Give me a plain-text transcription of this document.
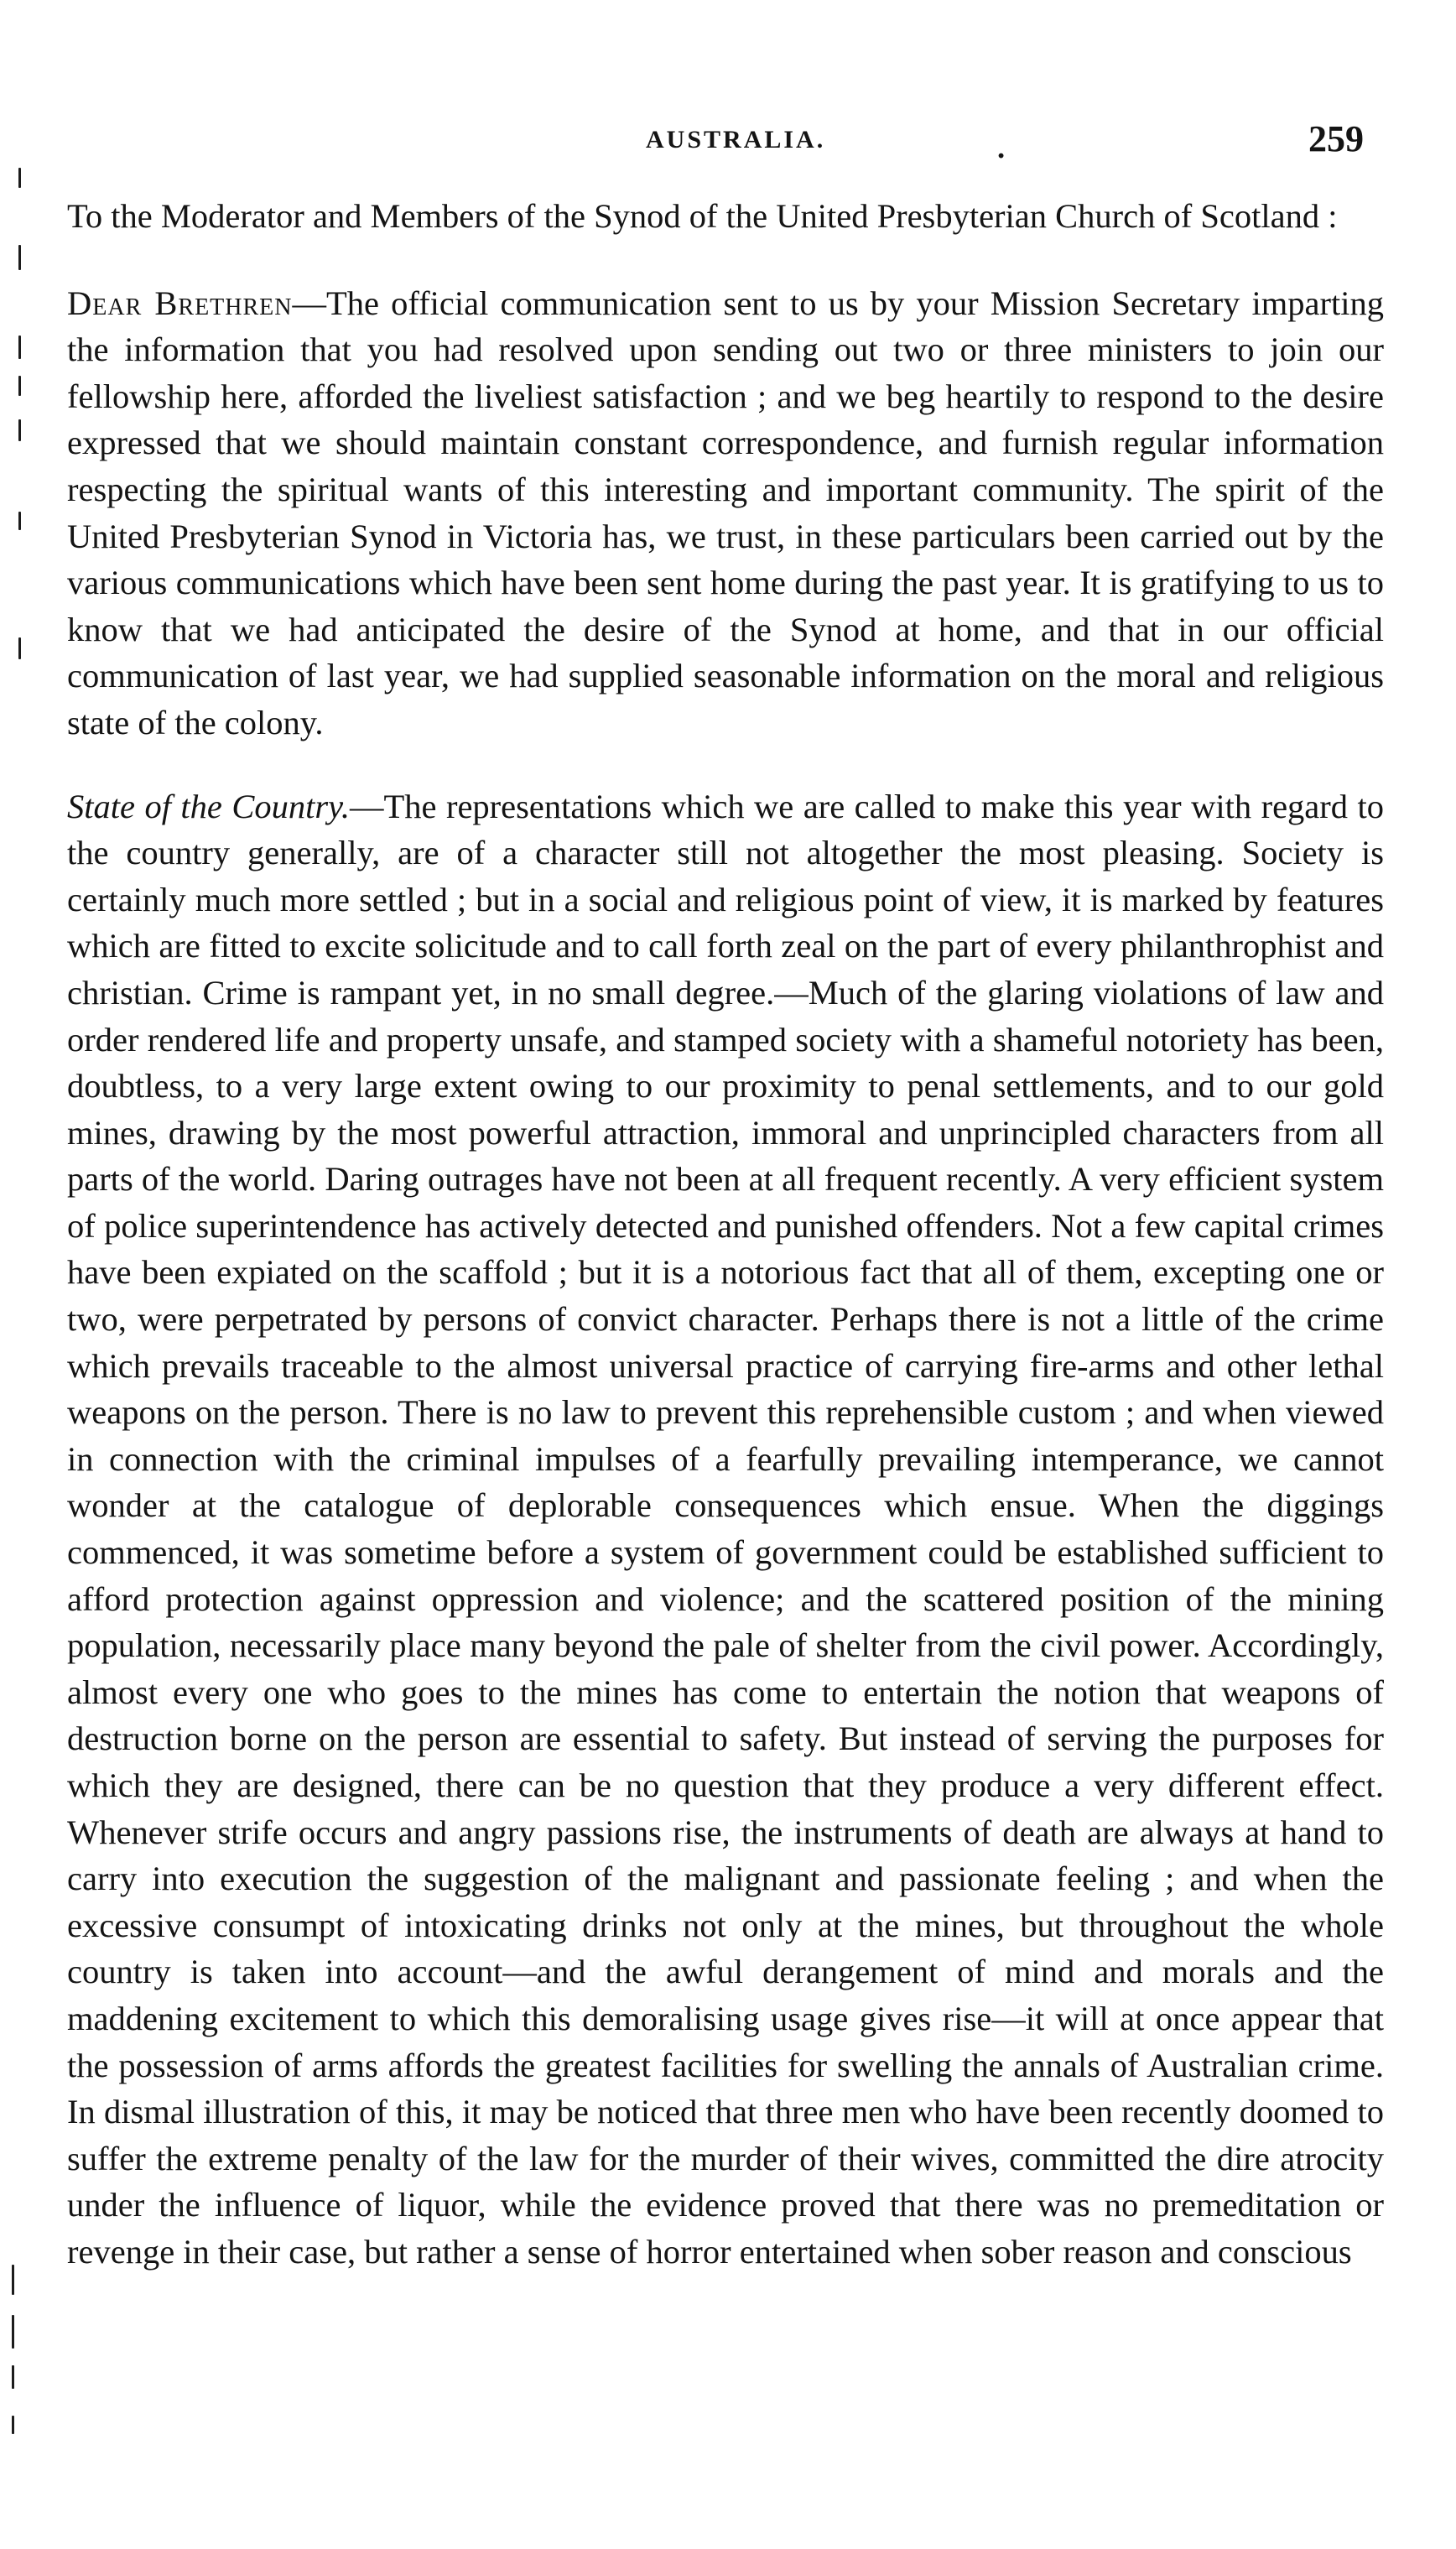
AUSTRALIA.	.	259

To the Moderator and Members of the Synod of the United Presbyterian Church of Scotland :

Dear Brethren—The official communication sent to us by your Mission Secretary imparting the information that you had resolved upon sending out two or three ministers to join our fellowship here, afforded the liveliest satisfaction ; and we beg heartily to respond to the desire expressed that we should maintain constant correspondence, and furnish regular information respecting the spiritual wants of this interesting and important community. The spirit of the United Presbyterian Synod in Victoria has, we trust, in these particulars been carried out by the various communications which have been sent home during the past year. It is gratifying to us to know that we had anticipated the desire of the Synod at home, and that in our official communication of last year, we had supplied seasonable information on the moral and religious state of the colony.

State of the Country.—The representations which we are called to make this year with regard to the country generally, are of a character still not altogether the most pleasing. Society is certainly much more settled ; but in a social and religious point of view, it is marked by features which are fitted to excite solicitude and to call forth zeal on the part of every philanthrophist and christian. Crime is rampant yet, in no small degree.—Much of the glaring violations of law and order rendered life and property unsafe, and stamped society with a shameful notoriety has been, doubtless, to a very large extent owing to our proximity to penal settlements, and to our gold mines, drawing by the most powerful attraction, immoral and unprincipled characters from all parts of the world. Daring outrages have not been at all frequent recently. A very efficient system of police superintendence has actively detected and punished offenders. Not a few capital crimes have been expiated on the scaffold ; but it is a notorious fact that all of them, excepting one or two, were perpetrated by persons of convict character. Perhaps there is not a little of the crime which prevails traceable to the almost universal practice of carrying fire-arms and other lethal weapons on the person. There is no law to prevent this reprehensible custom ; and when viewed in connection with the criminal impulses of a fearfully prevailing intemperance, we cannot wonder at the catalogue of deplorable consequences which ensue. When the diggings commenced, it was sometime before a system of government could be established sufficient to afford protection against oppression and violence; and the scattered position of the mining population, necessarily place many beyond the pale of shelter from the civil power. Accordingly, almost every one who goes to the mines has come to entertain the notion that weapons of destruction borne on the person are essential to safety. But instead of serving the purposes for which they are designed, there can be no question that they produce a very different effect. Whenever strife occurs and angry passions rise, the instruments of death are always at hand to carry into execution the suggestion of the malignant and passionate feeling ; and when the excessive consumpt of intoxicating drinks not only at the mines, but throughout the whole country is taken into account—and the awful derangement of mind and morals and the maddening excitement to which this demoralising usage gives rise—it will at once appear that the possession of arms affords the greatest facilities for swelling the annals of Australian crime. In dismal illustration of this, it may be noticed that three men who have been recently doomed to suffer the extreme penalty of the law for the murder of their wives, committed the dire atrocity under the influence of liquor, while the evidence proved that there was no premeditation or revenge in their case, but rather a sense of horror entertained when sober reason and conscious
